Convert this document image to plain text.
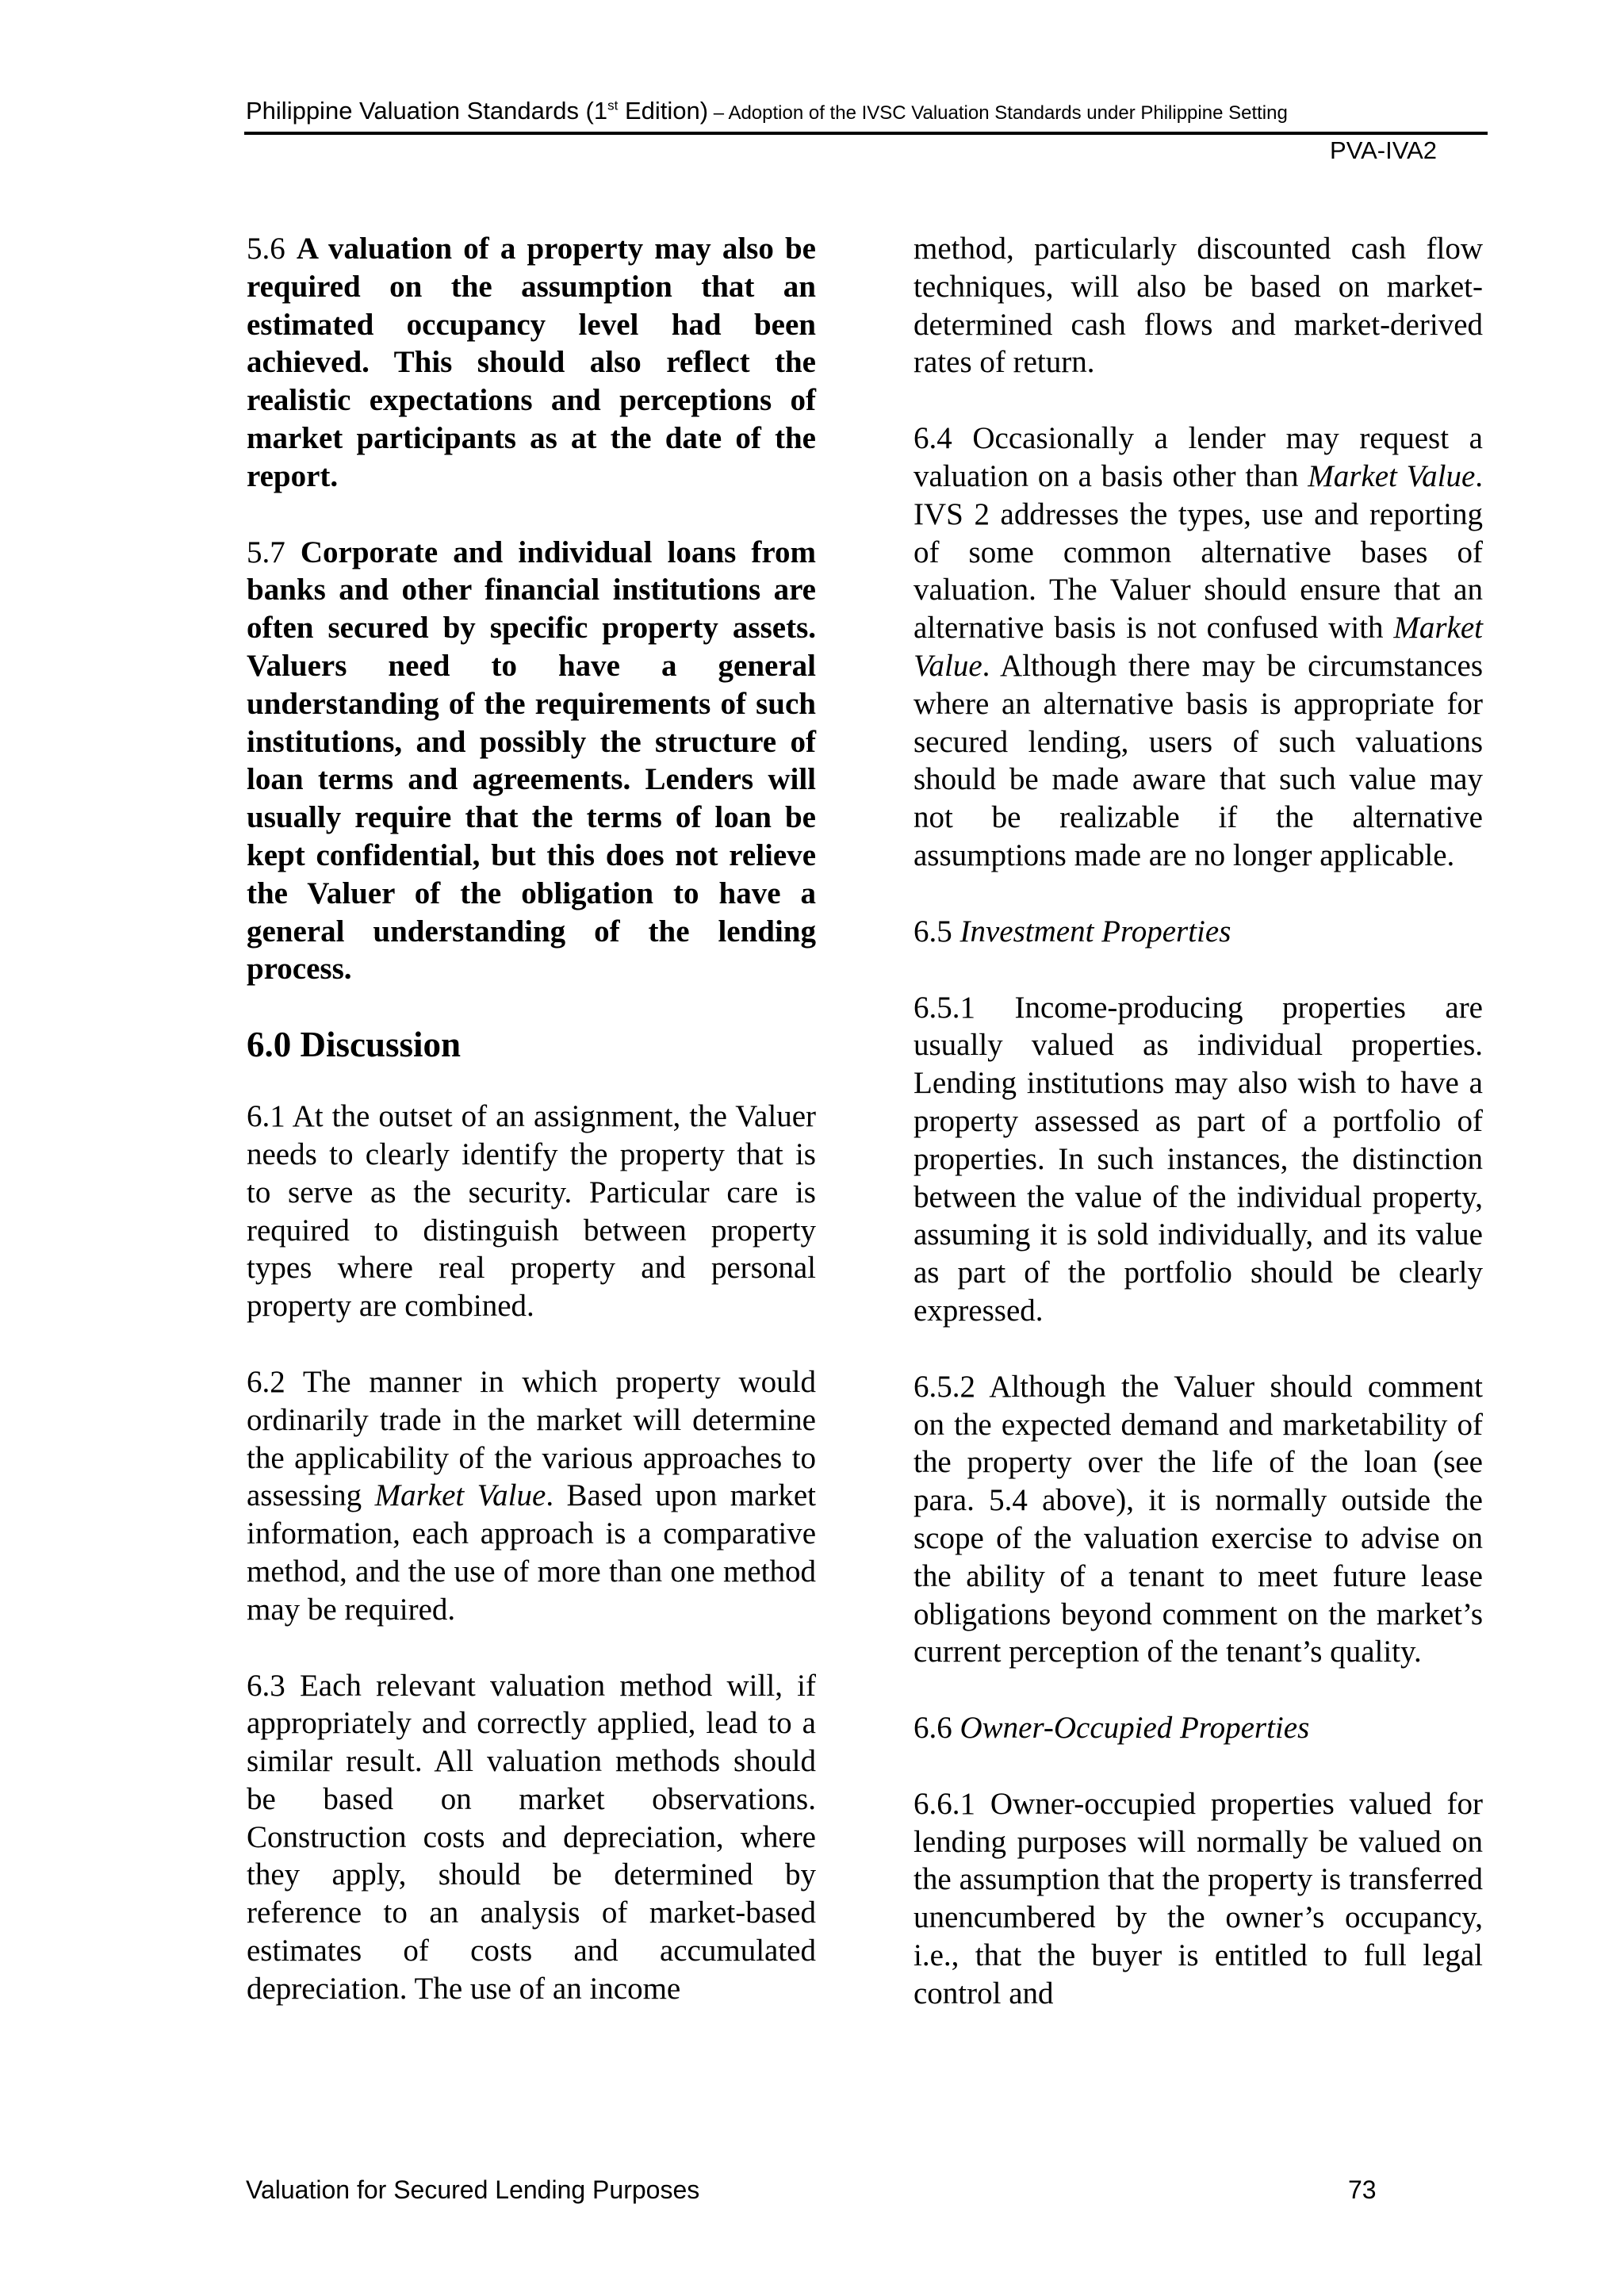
Philippine Valuation Standards (1st Edition) – Adoption of the IVSC Valuation Standards under Philippine Setting
PVA-IVA2

5.6 A valuation of a property may also be required on the assumption that an estimated occupancy level had been achieved. This should also reflect the realistic expectations and perceptions of market participants as at the date of the report.

5.7 Corporate and individual loans from banks and other financial institutions are often secured by specific property assets. Valuers need to have a general understanding of the requirements of such institutions, and possibly the structure of loan terms and agreements. Lenders will usually require that the terms of loan be kept confidential, but this does not relieve the Valuer of the obligation to have a general understanding of the lending process.

6.0 Discussion

6.1 At the outset of an assignment, the Valuer needs to clearly identify the property that is to serve as the security. Particular care is required to distinguish between property types where real property and personal property are combined.

6.2 The manner in which property would ordinarily trade in the market will determine the applicability of the various approaches to assessing Market Value. Based upon market information, each approach is a comparative method, and the use of more than one method may be required.

6.3 Each relevant valuation method will, if appropriately and correctly applied, lead to a similar result. All valuation methods should be based on market observations. Construction costs and depreciation, where they apply, should be determined by reference to an analysis of market-based estimates of costs and accumulated depreciation. The use of an income

method, particularly discounted cash flow techniques, will also be based on market-determined cash flows and market-derived rates of return.

6.4 Occasionally a lender may request a valuation on a basis other than Market Value. IVS 2 addresses the types, use and reporting of some common alternative bases of valuation. The Valuer should ensure that an alternative basis is not confused with Market Value. Although there may be circumstances where an alternative basis is appropriate for secured lending, users of such valuations should be made aware that such value may not be realizable if the alternative assumptions made are no longer applicable.

6.5 Investment Properties

6.5.1 Income-producing properties are usually valued as individual properties. Lending institutions may also wish to have a property assessed as part of a portfolio of properties. In such instances, the distinction between the value of the individual property, assuming it is sold individually, and its value as part of the portfolio should be clearly expressed.

6.5.2 Although the Valuer should comment on the expected demand and marketability of the property over the life of the loan (see para. 5.4 above), it is normally outside the scope of the valuation exercise to advise on the ability of a tenant to meet future lease obligations beyond comment on the market’s current perception of the tenant’s quality.

6.6 Owner-Occupied Properties

6.6.1 Owner-occupied properties valued for lending purposes will normally be valued on the assumption that the property is transferred unencumbered by the owner’s occupancy, i.e., that the buyer is entitled to full legal control and

Valuation for Secured Lending Purposes	73
